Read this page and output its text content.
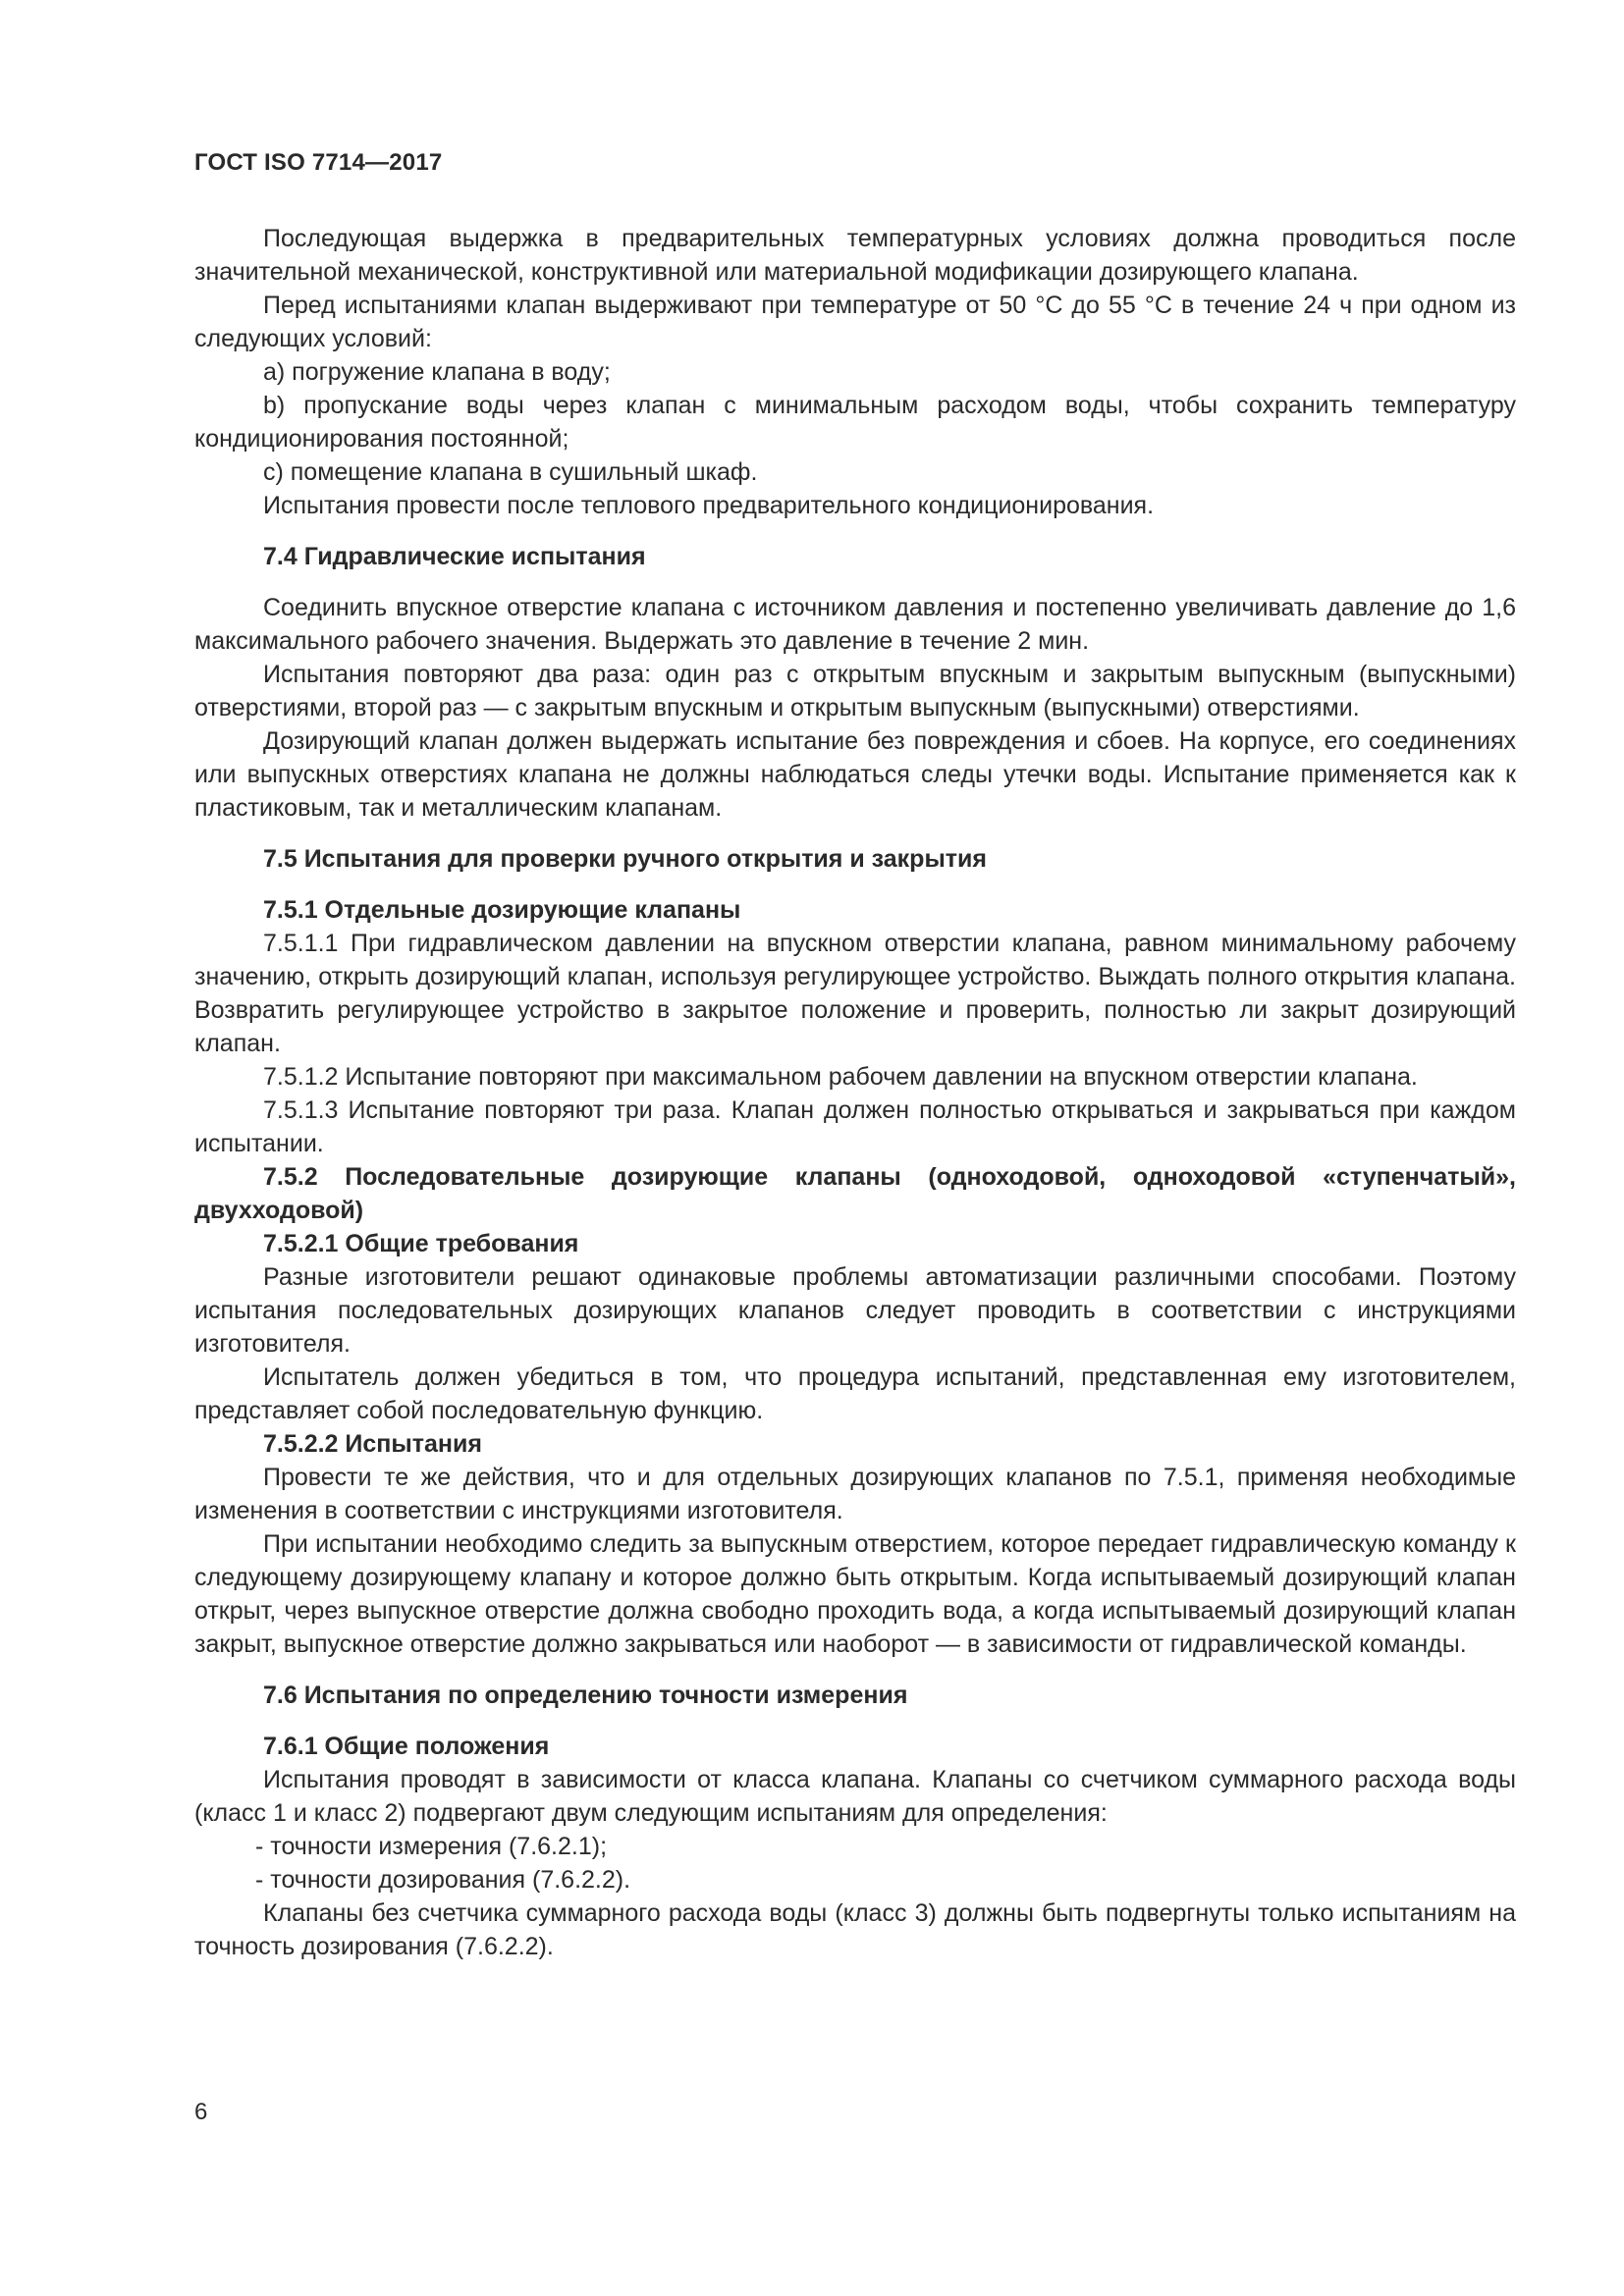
ГОСТ ISO 7714—2017

Последующая выдержка в предварительных температурных условиях должна проводиться после значительной механической, конструктивной или материальной модификации дозирующего клапана.

Перед испытаниями клапан выдерживают при температуре от 50 °С до 55 °С в течение 24 ч при одном из следующих условий:

а) погружение клапана в воду;

b) пропускание воды через клапан с минимальным расходом воды, чтобы сохранить температуру кондиционирования постоянной;

с) помещение клапана в сушильный шкаф.

Испытания провести после теплового предварительного кондиционирования.

7.4 Гидравлические испытания

Соединить впускное отверстие клапана с источником давления и постепенно увеличивать давление до 1,6 максимального рабочего значения. Выдержать это давление в течение 2 мин.

Испытания повторяют два раза: один раз с открытым впускным и закрытым выпускным (выпускными) отверстиями, второй раз — с закрытым впускным и открытым выпускным (выпускными) отверстиями.

Дозирующий клапан должен выдержать испытание без повреждения и сбоев. На корпусе, его соединениях или выпускных отверстиях клапана не должны наблюдаться следы утечки воды. Испытание применяется как к пластиковым, так и металлическим клапанам.

7.5 Испытания для проверки ручного открытия и закрытия

7.5.1 Отдельные дозирующие клапаны

7.5.1.1 При гидравлическом давлении на впускном отверстии клапана, равном минимальному рабочему значению, открыть дозирующий клапан, используя регулирующее устройство. Выждать полного открытия клапана. Возвратить регулирующее устройство в закрытое положение и проверить, полностью ли закрыт дозирующий клапан.

7.5.1.2 Испытание повторяют при максимальном рабочем давлении на впускном отверстии клапана.

7.5.1.3 Испытание повторяют три раза. Клапан должен полностью открываться и закрываться при каждом испытании.

7.5.2 Последовательные дозирующие клапаны (одноходовой, одноходовой «ступенчатый», двухходовой)

7.5.2.1 Общие требования

Разные изготовители решают одинаковые проблемы автоматизации различными способами. Поэтому испытания последовательных дозирующих клапанов следует проводить в соответствии с инструкциями изготовителя.

Испытатель должен убедиться в том, что процедура испытаний, представленная ему изготовителем, представляет собой последовательную функцию.

7.5.2.2 Испытания

Провести те же действия, что и для отдельных дозирующих клапанов по 7.5.1, применяя необходимые изменения в соответствии с инструкциями изготовителя.

При испытании необходимо следить за выпускным отверстием, которое передает гидравлическую команду к следующему дозирующему клапану и которое должно быть открытым. Когда испытываемый дозирующий клапан открыт, через выпускное отверстие должна свободно проходить вода, а когда испытываемый дозирующий клапан закрыт, выпускное отверстие должно закрываться или наоборот — в зависимости от гидравлической команды.

7.6 Испытания по определению точности измерения

7.6.1 Общие положения

Испытания проводят в зависимости от класса клапана. Клапаны со счетчиком суммарного расхода воды (класс 1 и класс 2) подвергают двум следующим испытаниям для определения:

- точности измерения (7.6.2.1);

- точности дозирования (7.6.2.2).

Клапаны без счетчика суммарного расхода воды (класс 3) должны быть подвергнуты только испытаниям на точность дозирования (7.6.2.2).

6
